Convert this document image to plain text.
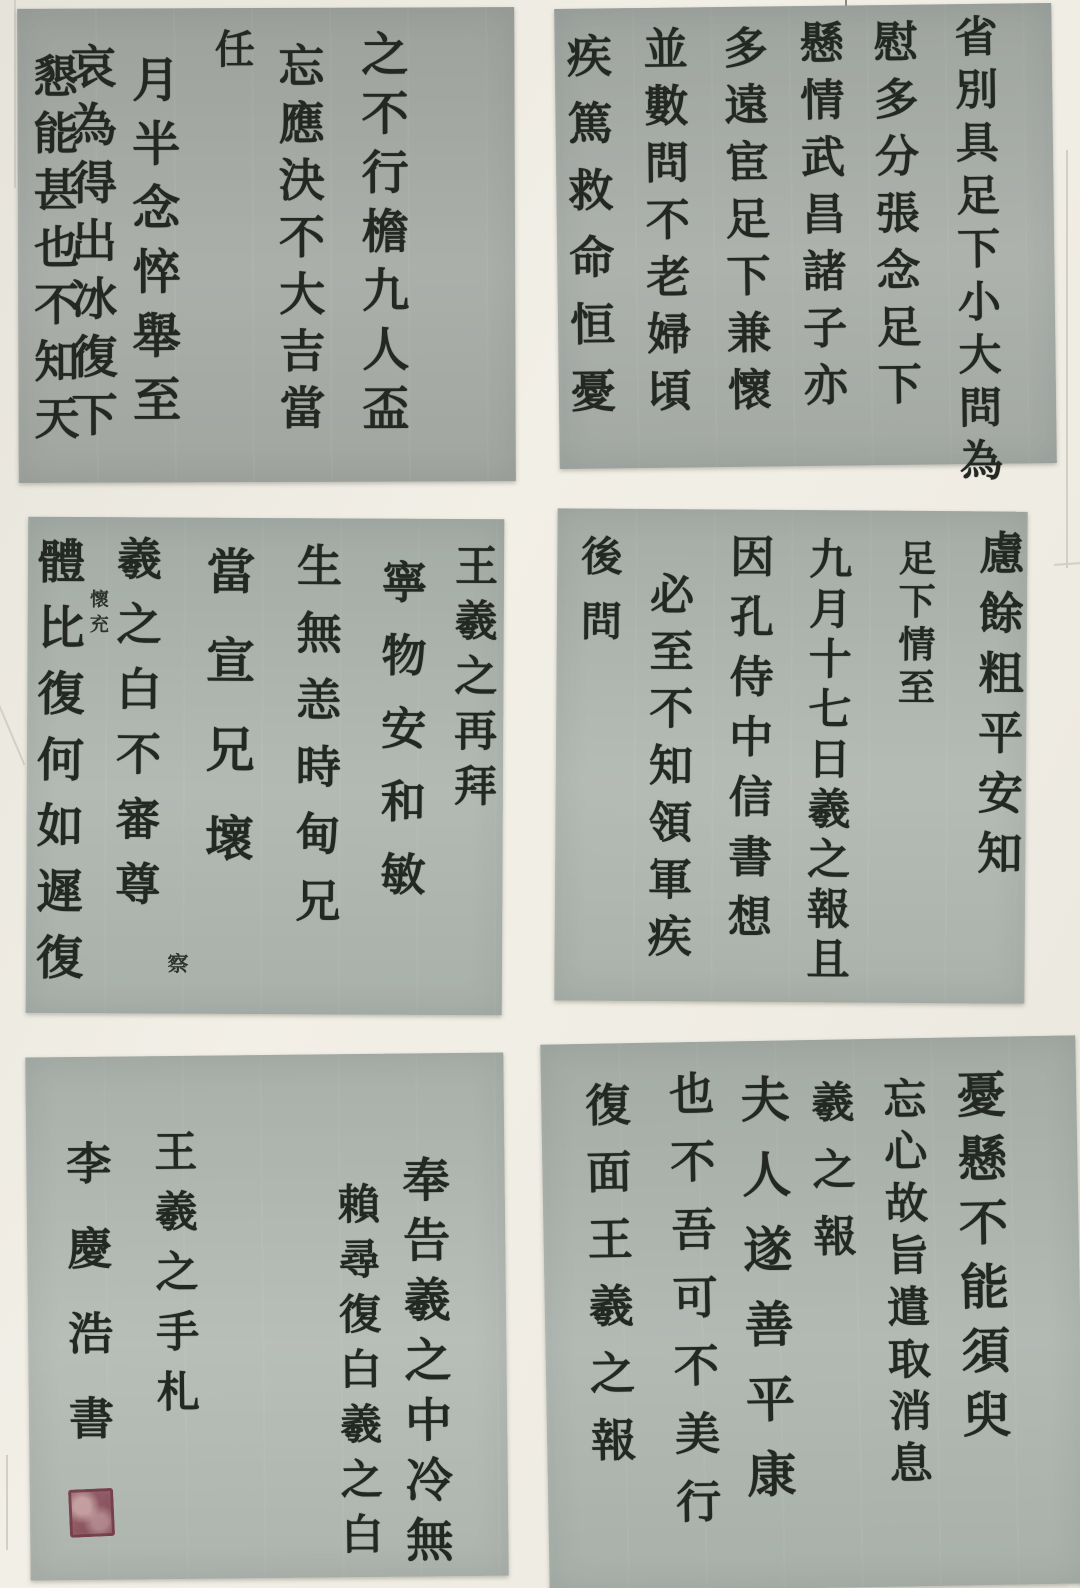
之不行檐九人盃
忘應決不大吉當
任
月半念悴舉至
哀為得出冰復下
懇能甚也不知天	省別具足下小大問為
慰多分張念足下
懸情武昌諸子亦
多遠宦足下兼懷
並數問不老婦頃
疾篤救命恒憂
王羲之再拜
寧物安和敏
生無恙時甸兄
當宣兄壞
羲之白不審尊
體比復何如遲復 懷充
察
慮餘粗平安知
足下情至
九月十七日羲之報且
因孔侍中信書想
必至不知領軍疾
後問
奉告羲之中冷無
賴尋復白羲之白
王羲之手札
李慶浩書	憂懸不能須臾
忘心故旨遣取消息
羲之報
夫人遂善平康
也不吾可不美行
復面王羲之報
